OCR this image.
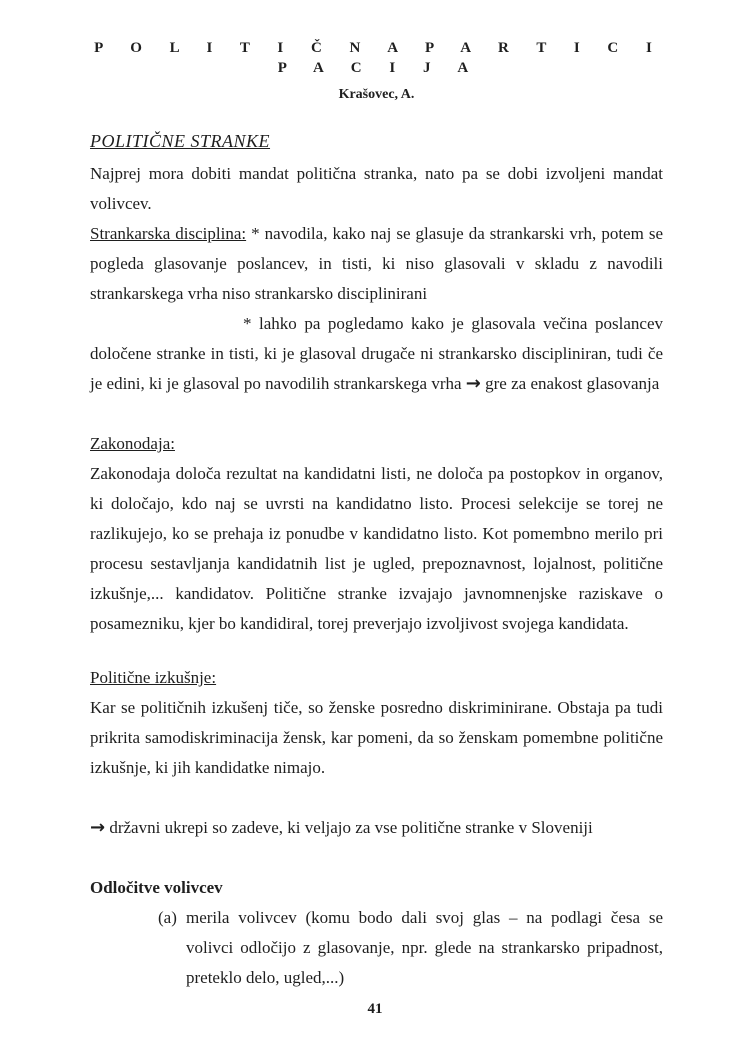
P O L I T I Č N A P A R T I C I P A C I J A
Krašovec, A.
POLITIČNE STRANKE

Najprej mora dobiti mandat politična stranka, nato pa se dobi izvoljeni mandat volivcev.

Strankarska disciplina: * navodila, kako naj se glasuje da strankarski vrh, potem se pogleda glasovanje poslancev, in tisti, ki niso glasovali v skladu z navodili strankarskega vrha niso strankarsko disciplinirani

* lahko pa pogledamo kako je glasovala večina poslancev določene stranke in tisti, ki je glasoval drugače ni strankarsko discipliniran, tudi če je edini, ki je glasoval po navodilih strankarskega vrha → gre za enakost glasovanja

Zakonodaja:

Zakonodaja določa rezultat na kandidatni listi, ne določa pa postopkov in organov, ki določajo, kdo naj se uvrsti na kandidatno listo. Procesi selekcije se torej ne razlikujejo, ko se prehaja iz ponudbe v kandidatno listo. Kot pomembno merilo pri procesu sestavljanja kandidatnih list je ugled, prepoznavnost, lojalnost, politične izkušnje,... kandidatov. Politične stranke izvajajo javnomnenjske raziskave o posamezniku, kjer bo kandidiral, torej preverjajo izvoljivost svojega kandidata.

Politične izkušnje:

Kar se političnih izkušenj tiče, so ženske posredno diskriminirane. Obstaja pa tudi prikrita samodiskriminacija žensk, kar pomeni, da so ženskam pomembne politične izkušnje, ki jih kandidatke nimajo.

→ državni ukrepi so zadeve, ki veljajo za vse politične stranke v Sloveniji

Odločitve volivcev

(a) merila volivcev (komu bodo dali svoj glas – na podlagi česa se volivci odločijo z glasovanje, npr. glede na strankarsko pripadnost, preteklo delo, ugled,...)
41
